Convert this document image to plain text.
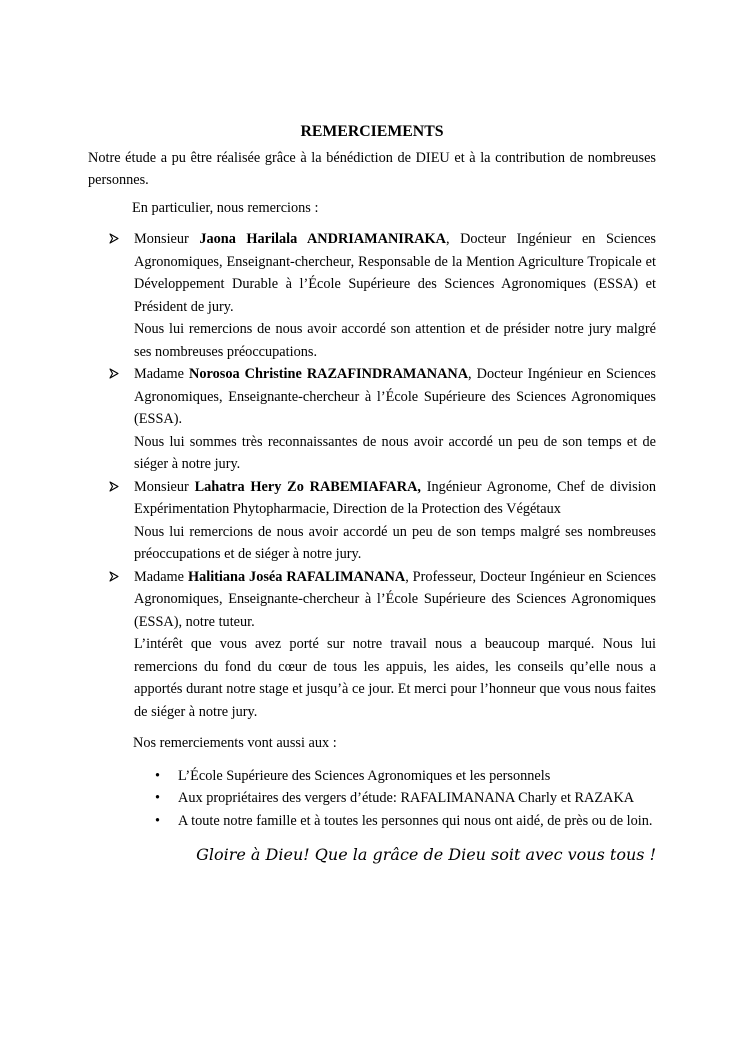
REMERCIEMENTS

Notre étude a pu être réalisée grâce à la bénédiction de DIEU et à la contribution de nombreuses personnes.

En particulier, nous remercions :

Monsieur Jaona Harilala ANDRIAMANIRAKA, Docteur Ingénieur en Sciences Agronomiques, Enseignant-chercheur, Responsable de la Mention Agriculture Tropicale et Développement Durable à l’École Supérieure des Sciences Agronomiques (ESSA) et Président de jury.

Nous lui remercions de nous avoir accordé son attention et de présider notre jury malgré ses nombreuses préoccupations.

Madame Norosoa Christine RAZAFINDRAMANANA, Docteur Ingénieur en Sciences Agronomiques, Enseignante-chercheur à l’École Supérieure des Sciences Agronomiques (ESSA).

Nous lui sommes très reconnaissantes de nous avoir accordé un peu de son temps et de siéger à notre jury.

Monsieur Lahatra Hery Zo RABEMIAFARA, Ingénieur Agronome, Chef de division Expérimentation Phytopharmacie, Direction de la Protection des Végétaux

Nous lui remercions de nous avoir accordé un peu de son temps malgré ses nombreuses préoccupations et de siéger à notre jury.

Madame Halitiana Joséa RAFALIMANANA, Professeur, Docteur Ingénieur en Sciences Agronomiques, Enseignante-chercheur à l’École Supérieure des Sciences Agronomiques (ESSA), notre tuteur.

L’intérêt que vous avez porté sur notre travail nous a beaucoup marqué. Nous lui remercions du fond du cœur de tous les appuis, les aides, les conseils qu’elle nous a apportés durant notre stage et jusqu’à ce jour. Et merci pour l’honneur que vous nous faites de siéger à notre jury.

Nos remerciements vont aussi aux :

• L’École Supérieure des Sciences Agronomiques et les personnels
• Aux propriétaires des vergers d’étude: RAFALIMANANA Charly et RAZAKA
• A toute notre famille et à toutes les personnes qui nous ont aidé, de près ou de loin.

Gloire à Dieu! Que la grâce de Dieu soit avec vous tous !
